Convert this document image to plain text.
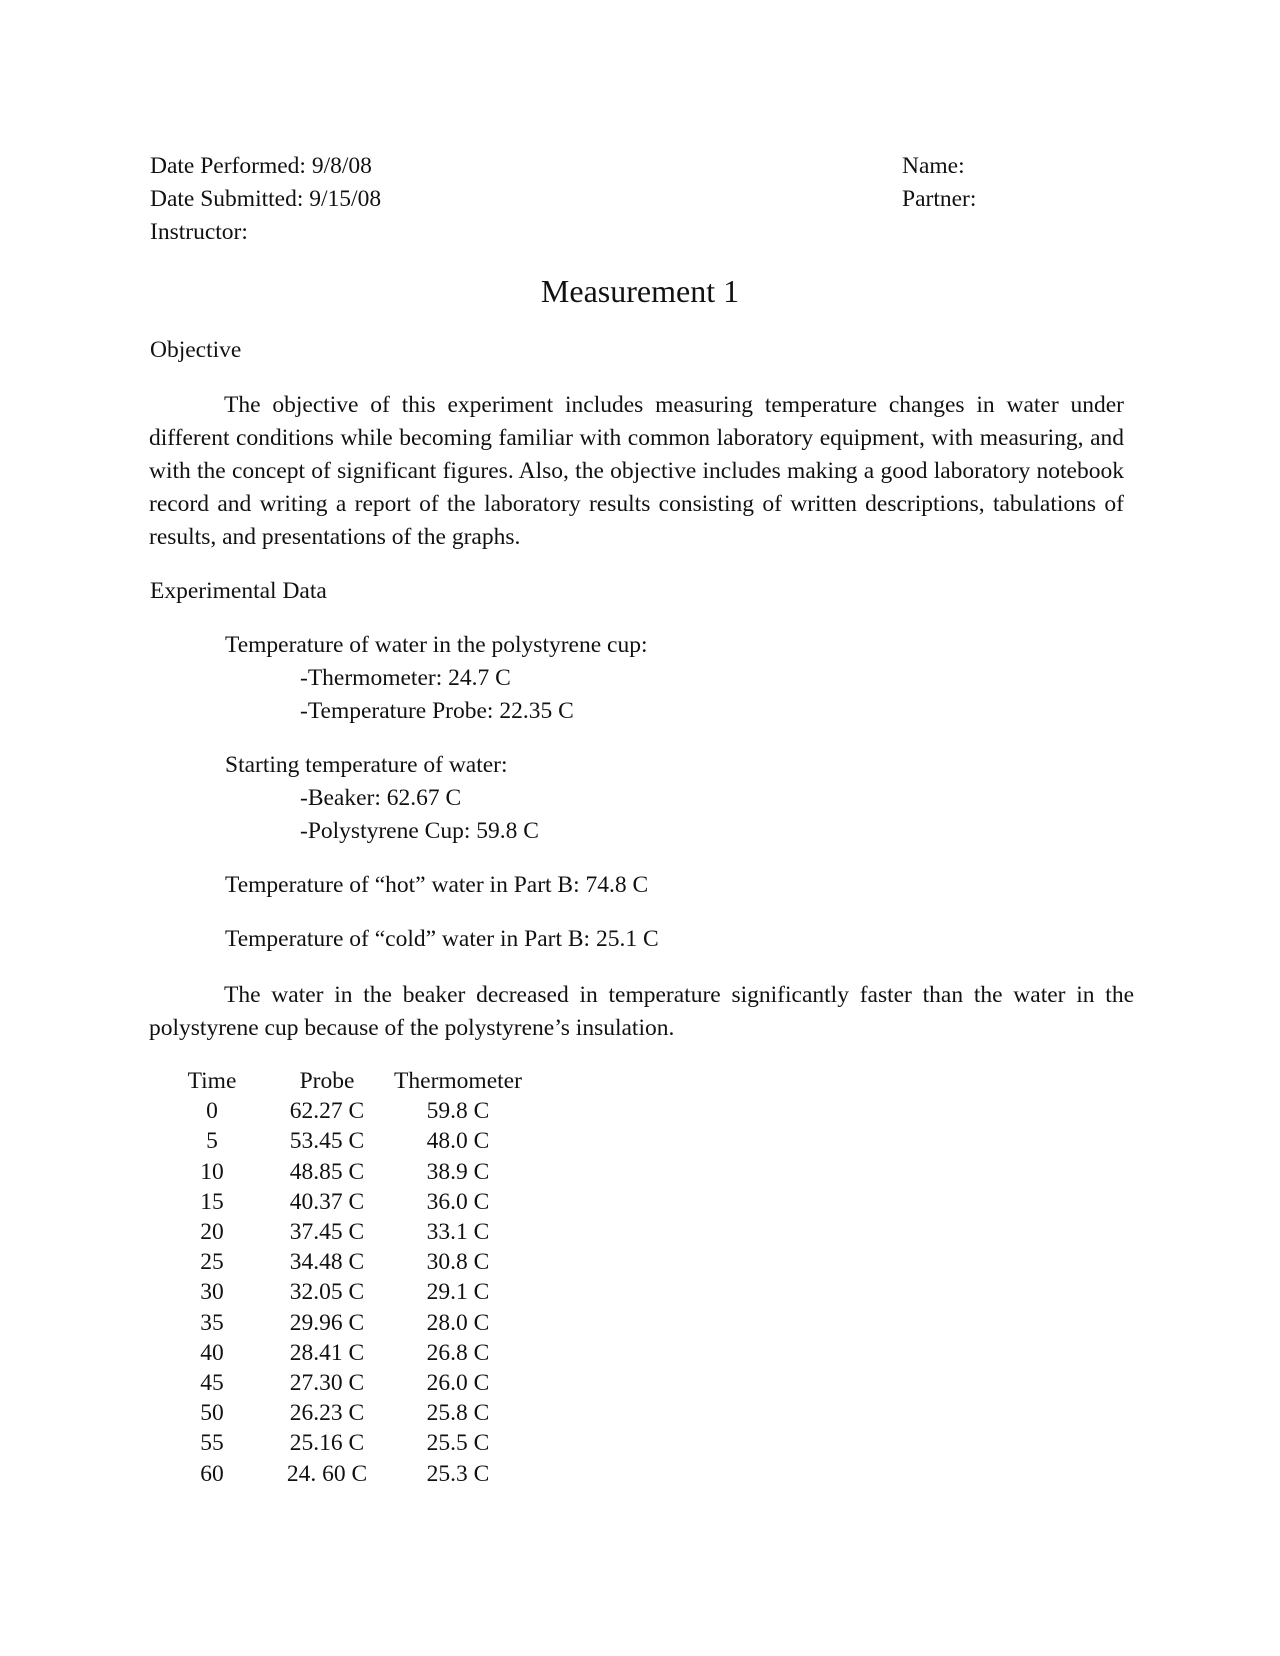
Date Performed: 9/8/08
Date Submitted: 9/15/08
Instructor:
Name:
Partner:
Measurement 1
Objective

The objective of this experiment includes measuring temperature changes in water under different conditions while becoming familiar with common laboratory equipment, with measuring, and with the concept of significant figures. Also, the objective includes making a good laboratory notebook record and writing a report of the laboratory results consisting of written descriptions, tabulations of results, and presentations of the graphs.

Experimental Data
Temperature of water in the polystyrene cup:
-Thermometer: 24.7 C
-Temperature Probe: 22.35 C
Starting temperature of water:
-Beaker: 62.67 C
-Polystyrene Cup: 59.8 C
Temperature of “hot” water in Part B: 74.8 C
Temperature of “cold” water in Part B: 25.1 C

The water in the beaker decreased in temperature significantly faster than the water in the polystyrene cup because of the polystyrene’s insulation.

Time	Probe	Thermometer
0	62.27 C	59.8 C
5	53.45 C	48.0 C
10	48.85 C	38.9 C
15	40.37 C	36.0 C
20	37.45 C	33.1 C
25	34.48 C	30.8 C
30	32.05 C	29.1 C
35	29.96 C	28.0 C
40	28.41 C	26.8 C
45	27.30 C	26.0 C
50	26.23 C	25.8 C
55	25.16 C	25.5 C
60	24. 60 C	25.3 C
